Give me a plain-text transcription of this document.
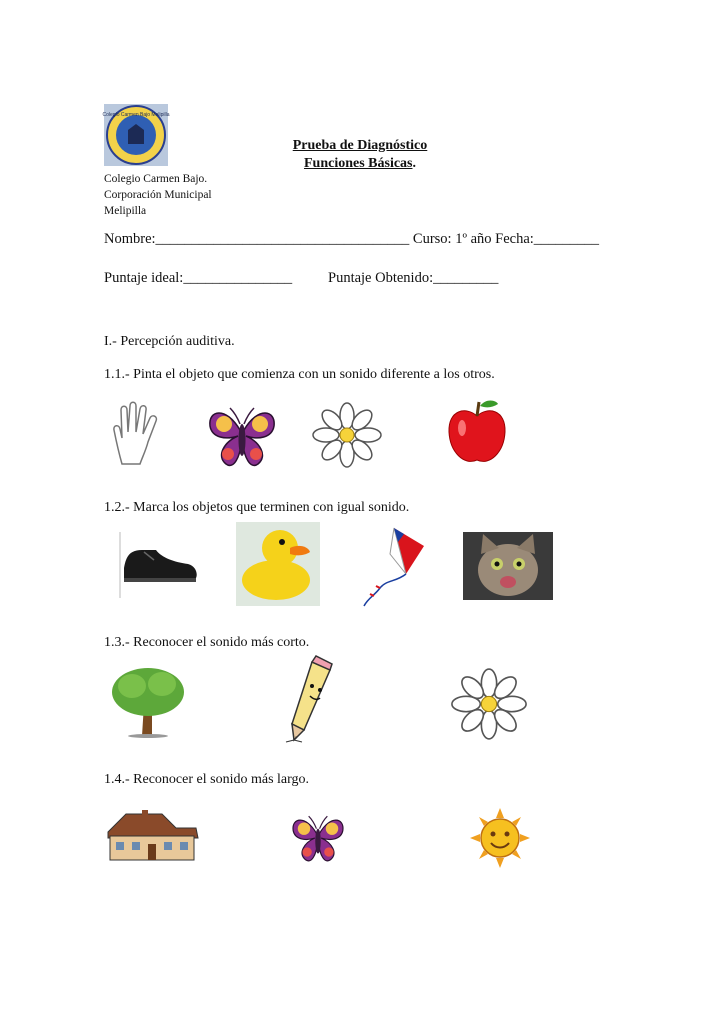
Colegio Carmen Bajo Melipilla
Prueba de Diagnóstico
Funciones Básicas.
Colegio Carmen Bajo.
Corporación Municipal
Melipilla
Nombre:___________________________________ Curso: 1º año Fecha:_________
Puntaje ideal:_______________ Puntaje Obtenido:_________
I.- Percepción auditiva.
1.1.- Pinta el objeto que comienza con un sonido diferente a los otros.
1.2.- Marca los objetos que terminen con igual sonido.
1.3.- Reconocer el sonido más corto.
1.4.- Reconocer el sonido más largo.
